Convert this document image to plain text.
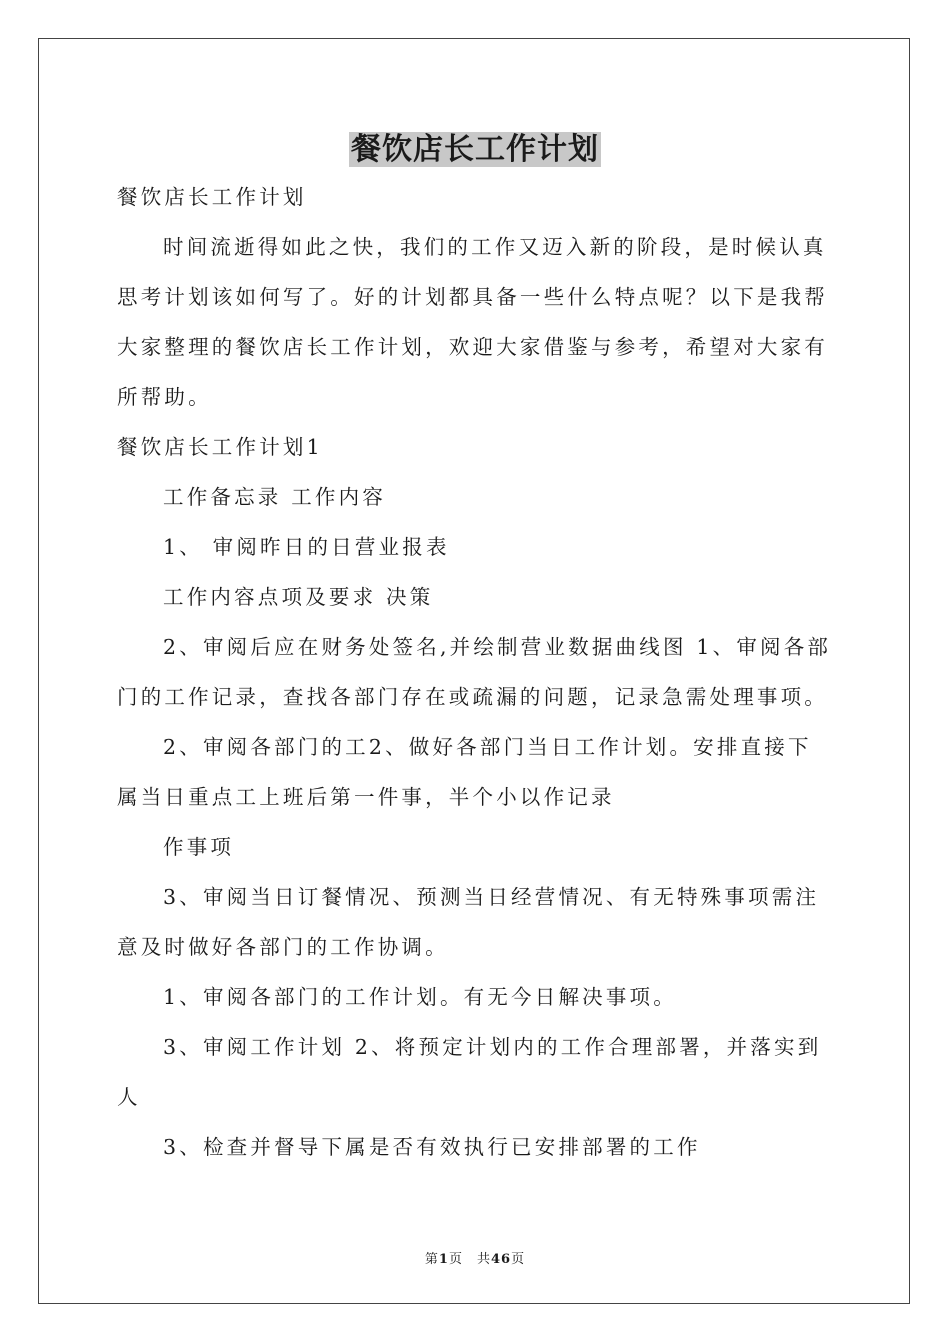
餐饮店长工作计划
餐饮店长工作计划
时间流逝得如此之快，我们的工作又迈入新的阶段，是时候认真
思考计划该如何写了。好的计划都具备一些什么特点呢？以下是我帮
大家整理的餐饮店长工作计划，欢迎大家借鉴与参考，希望对大家有
所帮助。
餐饮店长工作计划1
工作备忘录 工作内容
1、 审阅昨日的日营业报表
工作内容点项及要求 决策
2、审阅后应在财务处签名,并绘制营业数据曲线图 1、审阅各部
门的工作记录，查找各部门存在或疏漏的问题，记录急需处理事项。
2、审阅各部门的工2、做好各部门当日工作计划。安排直接下
属当日重点工上班后第一件事，半个小以作记录
作事项
3、审阅当日订餐情况、预测当日经营情况、有无特殊事项需注
意及时做好各部门的工作协调。
1、审阅各部门的工作计划。有无今日解决事项。
3、审阅工作计划 2、将预定计划内的工作合理部署，并落实到
人
3、检查并督导下属是否有效执行已安排部署的工作
第1页　共46页
